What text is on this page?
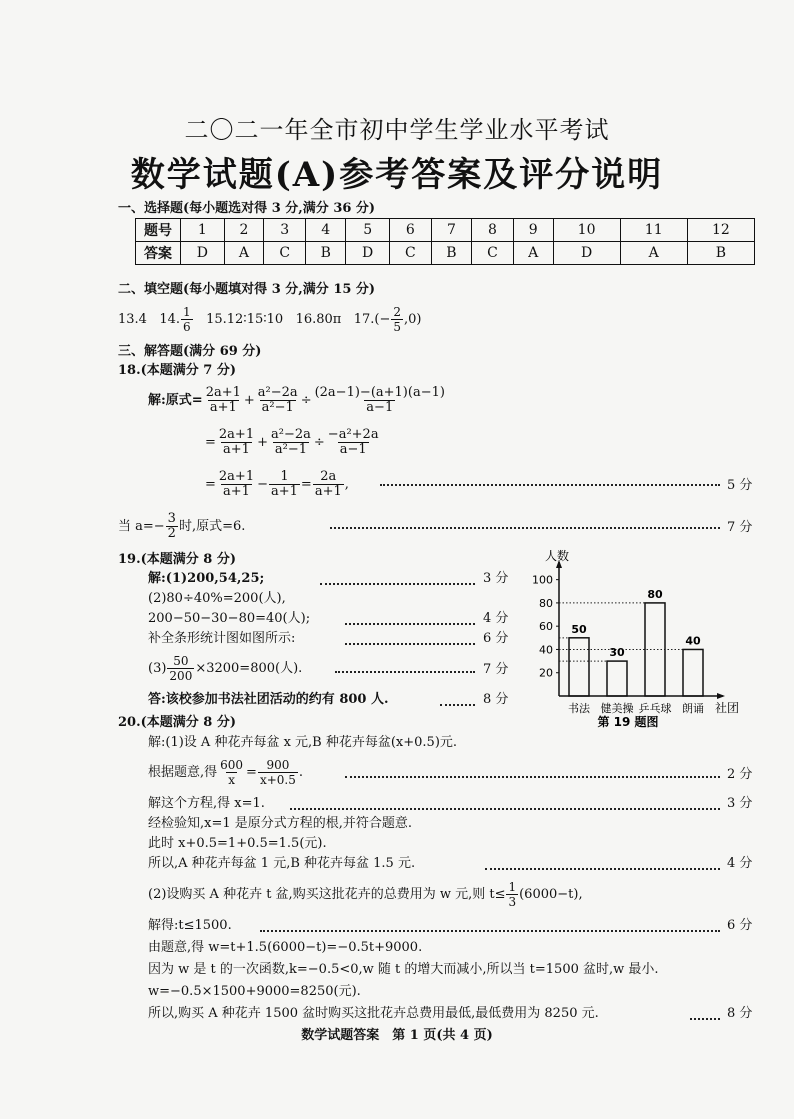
二〇二一年全市初中学生学业水平考试
数学试题(A)参考答案及评分说明
一、选择题(每小题选对得 3 分,满分 36 分)
题号	1	2	3	4	5	6	7	8	9	10	11	12
答案	D	A	C	B	D	C	B	C	A	D	A	B
二、填空题(每小题填对得 3 分,满分 15 分)
13.4 14. $\frac{1}{6}$ 15.12∶15∶10 16.80π $17.(- \frac{2}{5} ,0)$
三、解答题(满分 69 分)
18.(本题满分 7 分)
解:原式= $\frac{2a+1}{a+1} + \frac{\text{a²−2a}}{\text{a²−1}} \div \frac{(2a-1)-(a+1)(a-1)}{a-1}$
= $\frac{2a+1}{a+1} + \frac{\text{a²−2a}}{\text{a²−1}} \div \frac{\text{−a²+2a}}{a-1}$
= $\frac{2a+1}{a+1} - \frac{1}{a+1} = \frac{2a}{a+1}$ ,	5 分
当 $a=- \frac{3}{2}$ 时,原式=6.	7 分
19.(本题满分 8 分)
解:(1)200,54,25;	3 分
(2)80÷40%=200(人),
200−50−30−80=40(人);	4 分
补全条形统计图如图所示:	6 分
$(3) \frac{50}{200} \times 3200=800$(人).	7 分
答:该校参加书法社团活动的约有 800 人.	8 分
人数
社团
20
40
60
80
100
50
书法
30
健美操
80
乒乓球
40
朗诵
第 19 题图
20.(本题满分 8 分)
解:(1)设 A 种花卉每盆 x 元,B 种花卉每盆(x+0.5)元.
根据题意,得 $\frac{600}{x} = \frac{900}{x+0.5}$ .	2 分
解这个方程,得 x=1.	3 分
经检验知,x=1 是原分式方程的根,并符合题意.
此时 x+0.5=1+0.5=1.5(元).
所以,A 种花卉每盆 1 元,B 种花卉每盆 1.5 元.	4 分
(2)设购买 A 种花卉 t 盆,购买这批花卉的总费用为 w 元,则 $t\le \frac{1}{3} (6000-t)$,
解得:t≤1500.	6 分
由题意,得 w=t+1.5(6000−t)=−0.5t+9000.
因为 w 是 t 的一次函数,k=−0.5<0,w 随 t 的增大而减小,所以当 t=1500 盆时,w 最小.
w=−0.5×1500+9000=8250(元).
所以,购买 A 种花卉 1500 盆时购买这批花卉总费用最低,最低费用为 8250 元.	8 分
数学试题答案　第 1 页(共 4 页)
